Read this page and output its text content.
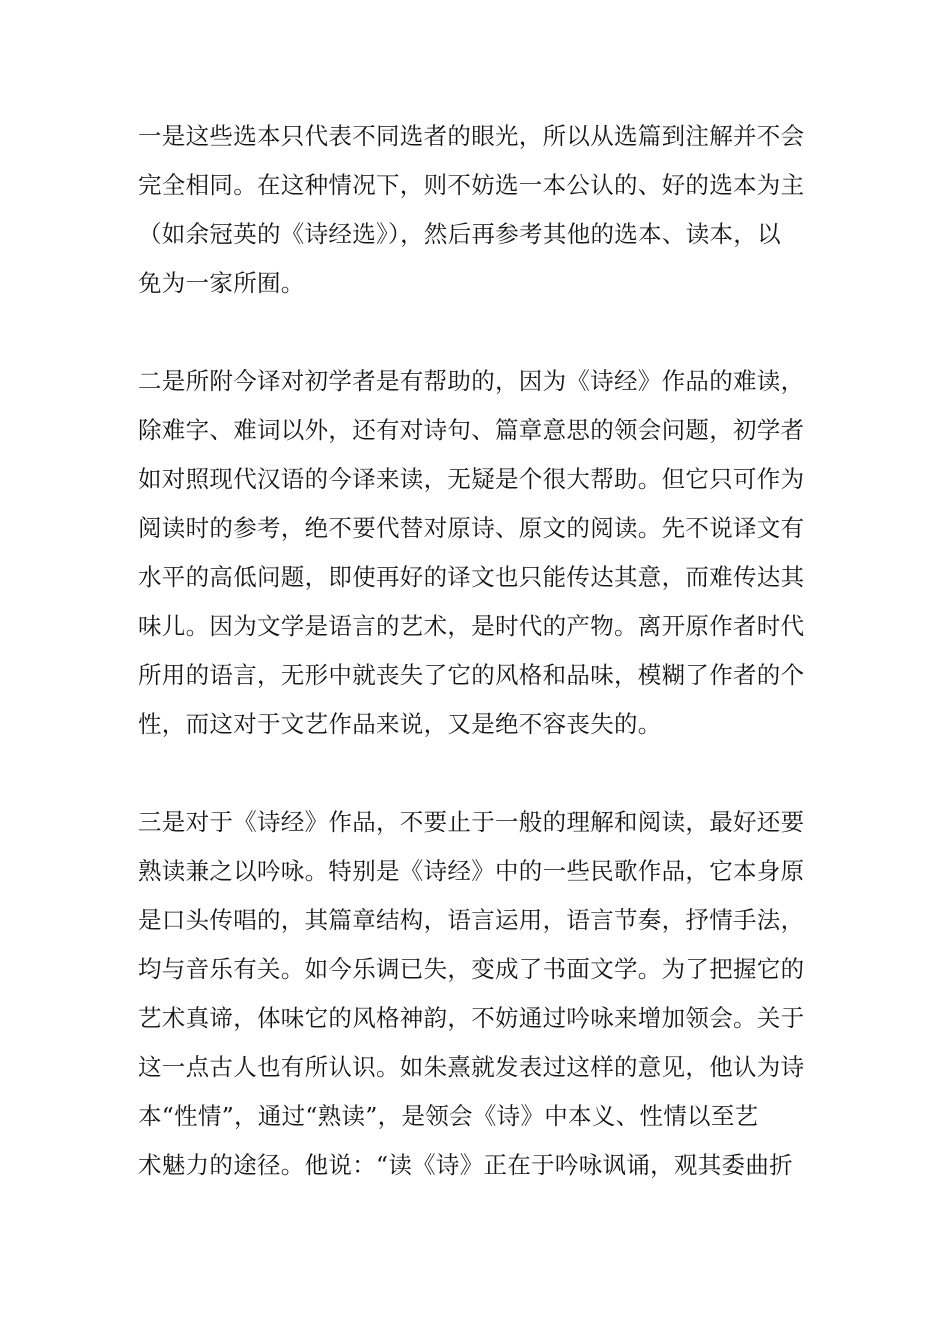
一是这些选本只代表不同选者的眼光，所以从选篇到注解并不会
完全相同。在这种情况下，则不妨选一本公认的、好的选本为主
（如余冠英的《诗经选》），然后再参考其他的选本、读本，以
免为一家所囿。
二是所附今译对初学者是有帮助的，因为《诗经》作品的难读，
除难字、难词以外，还有对诗句、篇章意思的领会问题，初学者
如对照现代汉语的今译来读，无疑是个很大帮助。但它只可作为
阅读时的参考，绝不要代替对原诗、原文的阅读。先不说译文有
水平的高低问题，即使再好的译文也只能传达其意，而难传达其
味儿。因为文学是语言的艺术，是时代的产物。离开原作者时代
所用的语言，无形中就丧失了它的风格和品味，模糊了作者的个
性，而这对于文艺作品来说，又是绝不容丧失的。
三是对于《诗经》作品，不要止于一般的理解和阅读，最好还要
熟读兼之以吟咏。特别是《诗经》中的一些民歌作品，它本身原
是口头传唱的，其篇章结构，语言运用，语言节奏，抒情手法，
均与音乐有关。如今乐调已失，变成了书面文学。为了把握它的
艺术真谛，体味它的风格神韵，不妨通过吟咏来增加领会。关于
这一点古人也有所认识。如朱熹就发表过这样的意见，他认为诗
本“性情”，通过“熟读”，是领会《诗》中本义、性情以至艺
术魅力的途径。他说：“读《诗》正在于吟咏讽诵，观其委曲折
